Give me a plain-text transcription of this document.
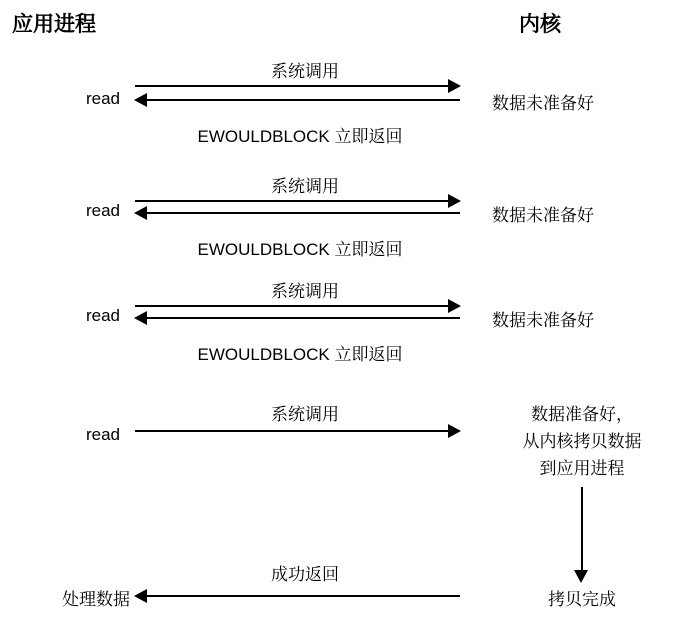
应用进程	内核
系统调用
read	数据未准备好
EWOULDBLOCK 立即返回
系统调用
read	数据未准备好
EWOULDBLOCK 立即返回
系统调用
read	数据未准备好
EWOULDBLOCK 立即返回
系统调用
read
数据准备好，
从内核拷贝数据
到应用进程
成功返回
处理数据	拷贝完成
